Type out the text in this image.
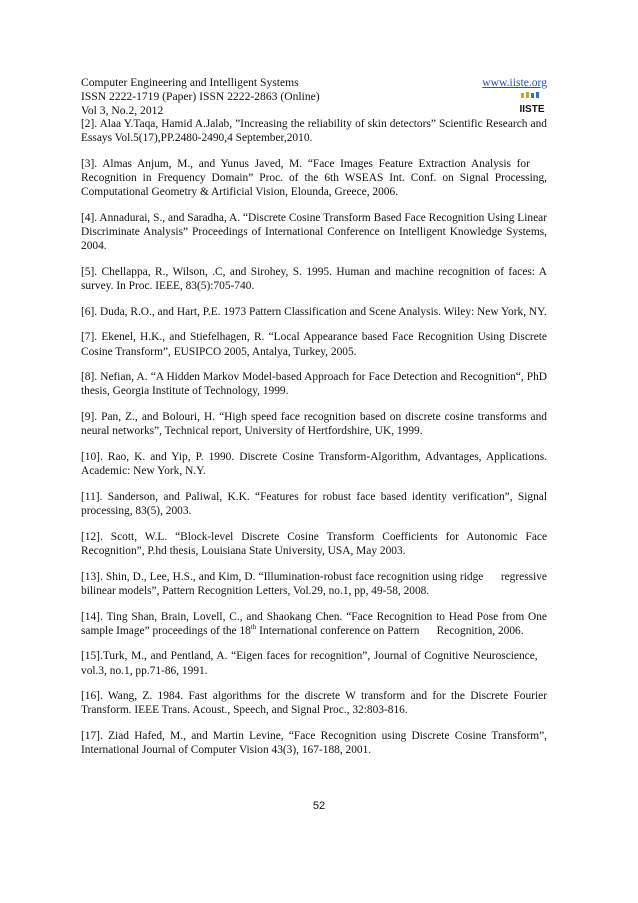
Computer Engineering and Intelligent Systems
ISSN 2222-1719 (Paper) ISSN 2222-2863 (Online)
Vol 3, No.2, 2012
www.iiste.org
IISTE

[2]. Alaa Y.Taqa, Hamid A.Jalab, ”Increasing the reliability of skin detectors” Scientific Research and Essays Vol.5(17),PP.2480-2490,4 September,2010.

[3]. Almas Anjum, M., and Yunus Javed, M. “Face Images Feature Extraction Analysis for   Recognition in Frequency Domain” Proc. of the 6th WSEAS Int. Conf. on Signal Processing, Computational Geometry & Artificial Vision, Elounda, Greece, 2006.

[4]. Annadurai, S., and Saradha, A. “Discrete Cosine Transform Based Face Recognition Using Linear Discriminate Analysis” Proceedings of International Conference on Intelligent Knowledge Systems, 2004.

[5]. Chellappa, R., Wilson, .C, and Sirohey, S. 1995. Human and machine recognition of faces: A survey. In Proc. IEEE, 83(5):705-740.

[6]. Duda, R.O., and Hart, P.E. 1973 Pattern Classification and Scene Analysis. Wiley: New York, NY.

[7]. Ekenel, H.K., and Stiefelhagen, R. “Local Appearance based Face Recognition Using Discrete Cosine Transform”, EUSIPCO 2005, Antalya, Turkey, 2005.

[8]. Nefian, A. “A Hidden Markov Model-based Approach for Face Detection and Recognition“, PhD thesis, Georgia Institute of Technology, 1999.

[9]. Pan, Z., and Bolouri, H. “High speed face recognition based on discrete cosine transforms and neural networks”, Technical report, University of Hertfordshire, UK, 1999.

[10]. Rao, K. and Yip, P. 1990. Discrete Cosine Transform-Algorithm, Advantages, Applications. Academic: New York, N.Y.

[11]. Sanderson, and Paliwal, K.K. “Features for robust face based identity verification”, Signal processing, 83(5), 2003.

[12]. Scott, W.L. “Block-level Discrete Cosine Transform Coefficients for Autonomic Face Recognition”, P.hd thesis, Louisiana State University, USA, May 2003.

[13]. Shin, D., Lee, H.S., and Kim, D. “Illumination-robust face recognition using ridge   regressive bilinear models”, Pattern Recognition Letters, Vol.29, no.1, pp, 49-58, 2008.

[14]. Ting Shan, Brain, Lovell, C., and Shaokang Chen. “Face Recognition to Head Pose from One sample Image” proceedings of the 18th International conference on Pattern   Recognition, 2006.

[15].Turk, M., and Pentland, A. “Eigen faces for recognition”, Journal of Cognitive Neuroscience,  vol.3, no.1, pp.71-86, 1991.

[16]. Wang, Z. 1984. Fast algorithms for the discrete W transform and for the Discrete Fourier Transform. IEEE Trans. Acoust., Speech, and Signal Proc., 32:803-816.

[17]. Ziad Hafed, M., and Martin Levine, “Face Recognition using Discrete Cosine Transform”, International Journal of Computer Vision 43(3), 167-188, 2001.

52
